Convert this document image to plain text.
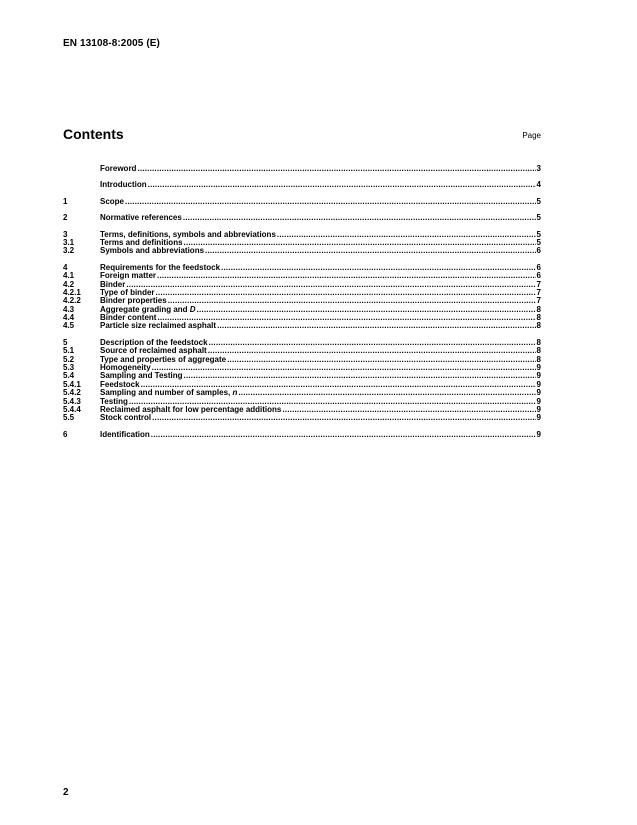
EN 13108-8:2005 (E)
Contents	Page
Foreword .....	3
Introduction .....	4
1	Scope .....	5
2	Normative references .....	5
3	Terms, definitions, symbols and abbreviations .....	5
3.1	Terms and definitions .....	5
3.2	Symbols and abbreviations .....	6
4	Requirements for the feedstock .....	6
4.1	Foreign matter .....	6
4.2	Binder .....	7
4.2.1	Type of binder .....	7
4.2.2	Binder properties .....	7
4.3	Aggregate grading and D .....	8
4.4	Binder content .....	8
4.5	Particle size reclaimed asphalt .....	8
5	Description of the feedstock .....	8
5.1	Source of reclaimed asphalt .....	8
5.2	Type and properties of aggregate .....	8
5.3	Homogeneity .....	9
5.4	Sampling and Testing .....	9
5.4.1	Feedstock .....	9
5.4.2	Sampling and number of samples, n .....	9
5.4.3	Testing .....	9
5.4.4	Reclaimed asphalt for low percentage additions .....	9
5.5	Stock control .....	9
6	Identification .....	9
2
